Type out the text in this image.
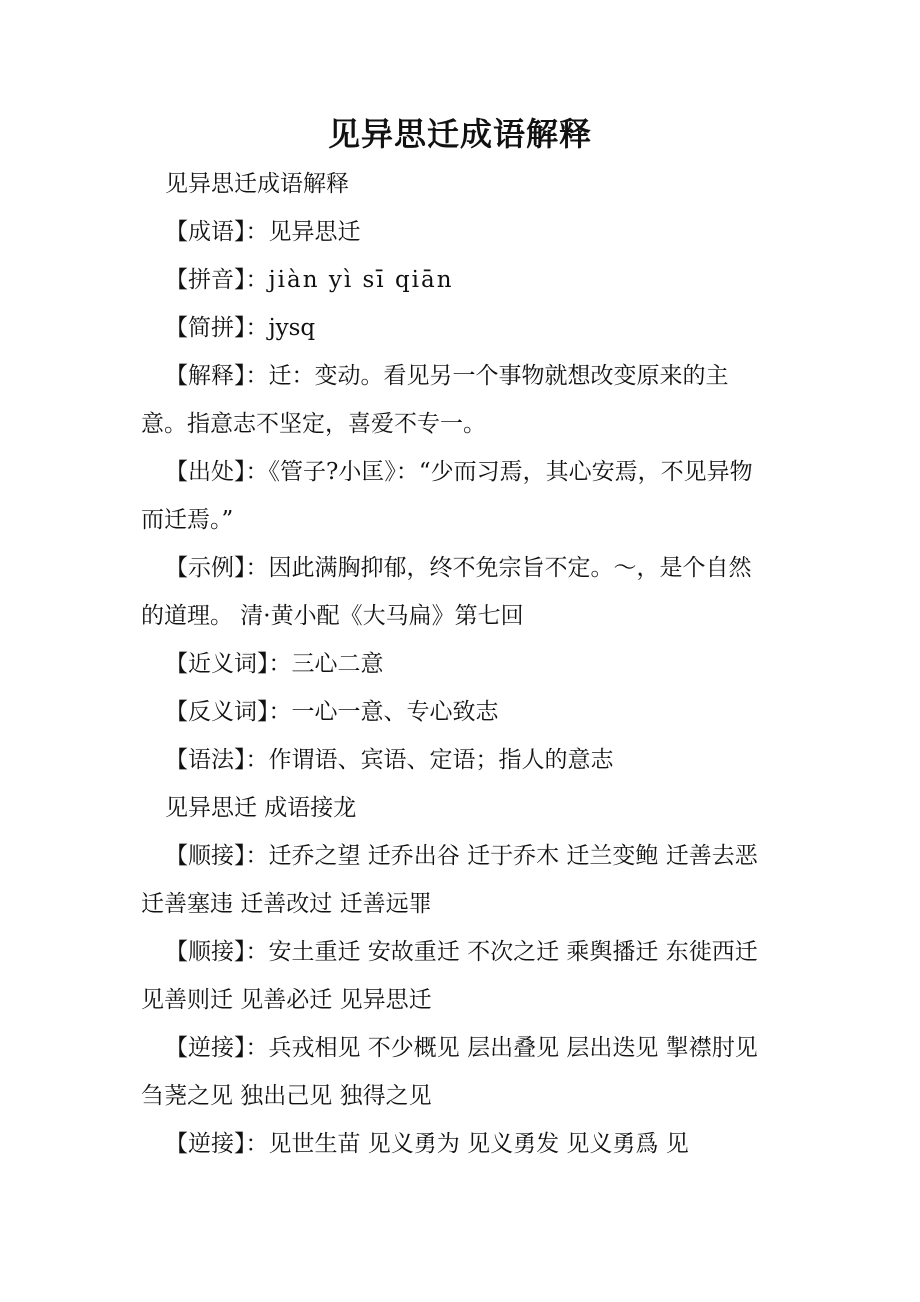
见异思迁成语解释

见异思迁成语解释

【成语】：见异思迁

【拼音】：jiàn yì sī qiān

【简拼】：jysq

【解释】：迁：变动。看见另一个事物就想改变原来的主意。指意志不坚定，喜爱不专一。

【出处】：《管子?小匡》：“少而习焉，其心安焉，不见异物而迁焉。”

【示例】：因此满胸抑郁，终不免宗旨不定。～，是个自然的道理。 清·黄小配《大马扁》第七回

【近义词】：三心二意

【反义词】：一心一意、专心致志

【语法】：作谓语、宾语、定语；指人的意志

见异思迁 成语接龙

【顺接】：迁乔之望 迁乔出谷 迁于乔木 迁兰变鲍 迁善去恶 迁善塞违 迁善改过 迁善远罪

【顺接】：安土重迁 安故重迁 不次之迁 乘舆播迁 东徙西迁 见善则迁 见善必迁 见异思迁

【逆接】：兵戎相见 不少概见 层出叠见 层出迭见 掣襟肘见 刍荛之见 独出己见 独得之见

【逆接】：见世生苗 见义勇为 见义勇发 见义勇爲 见
